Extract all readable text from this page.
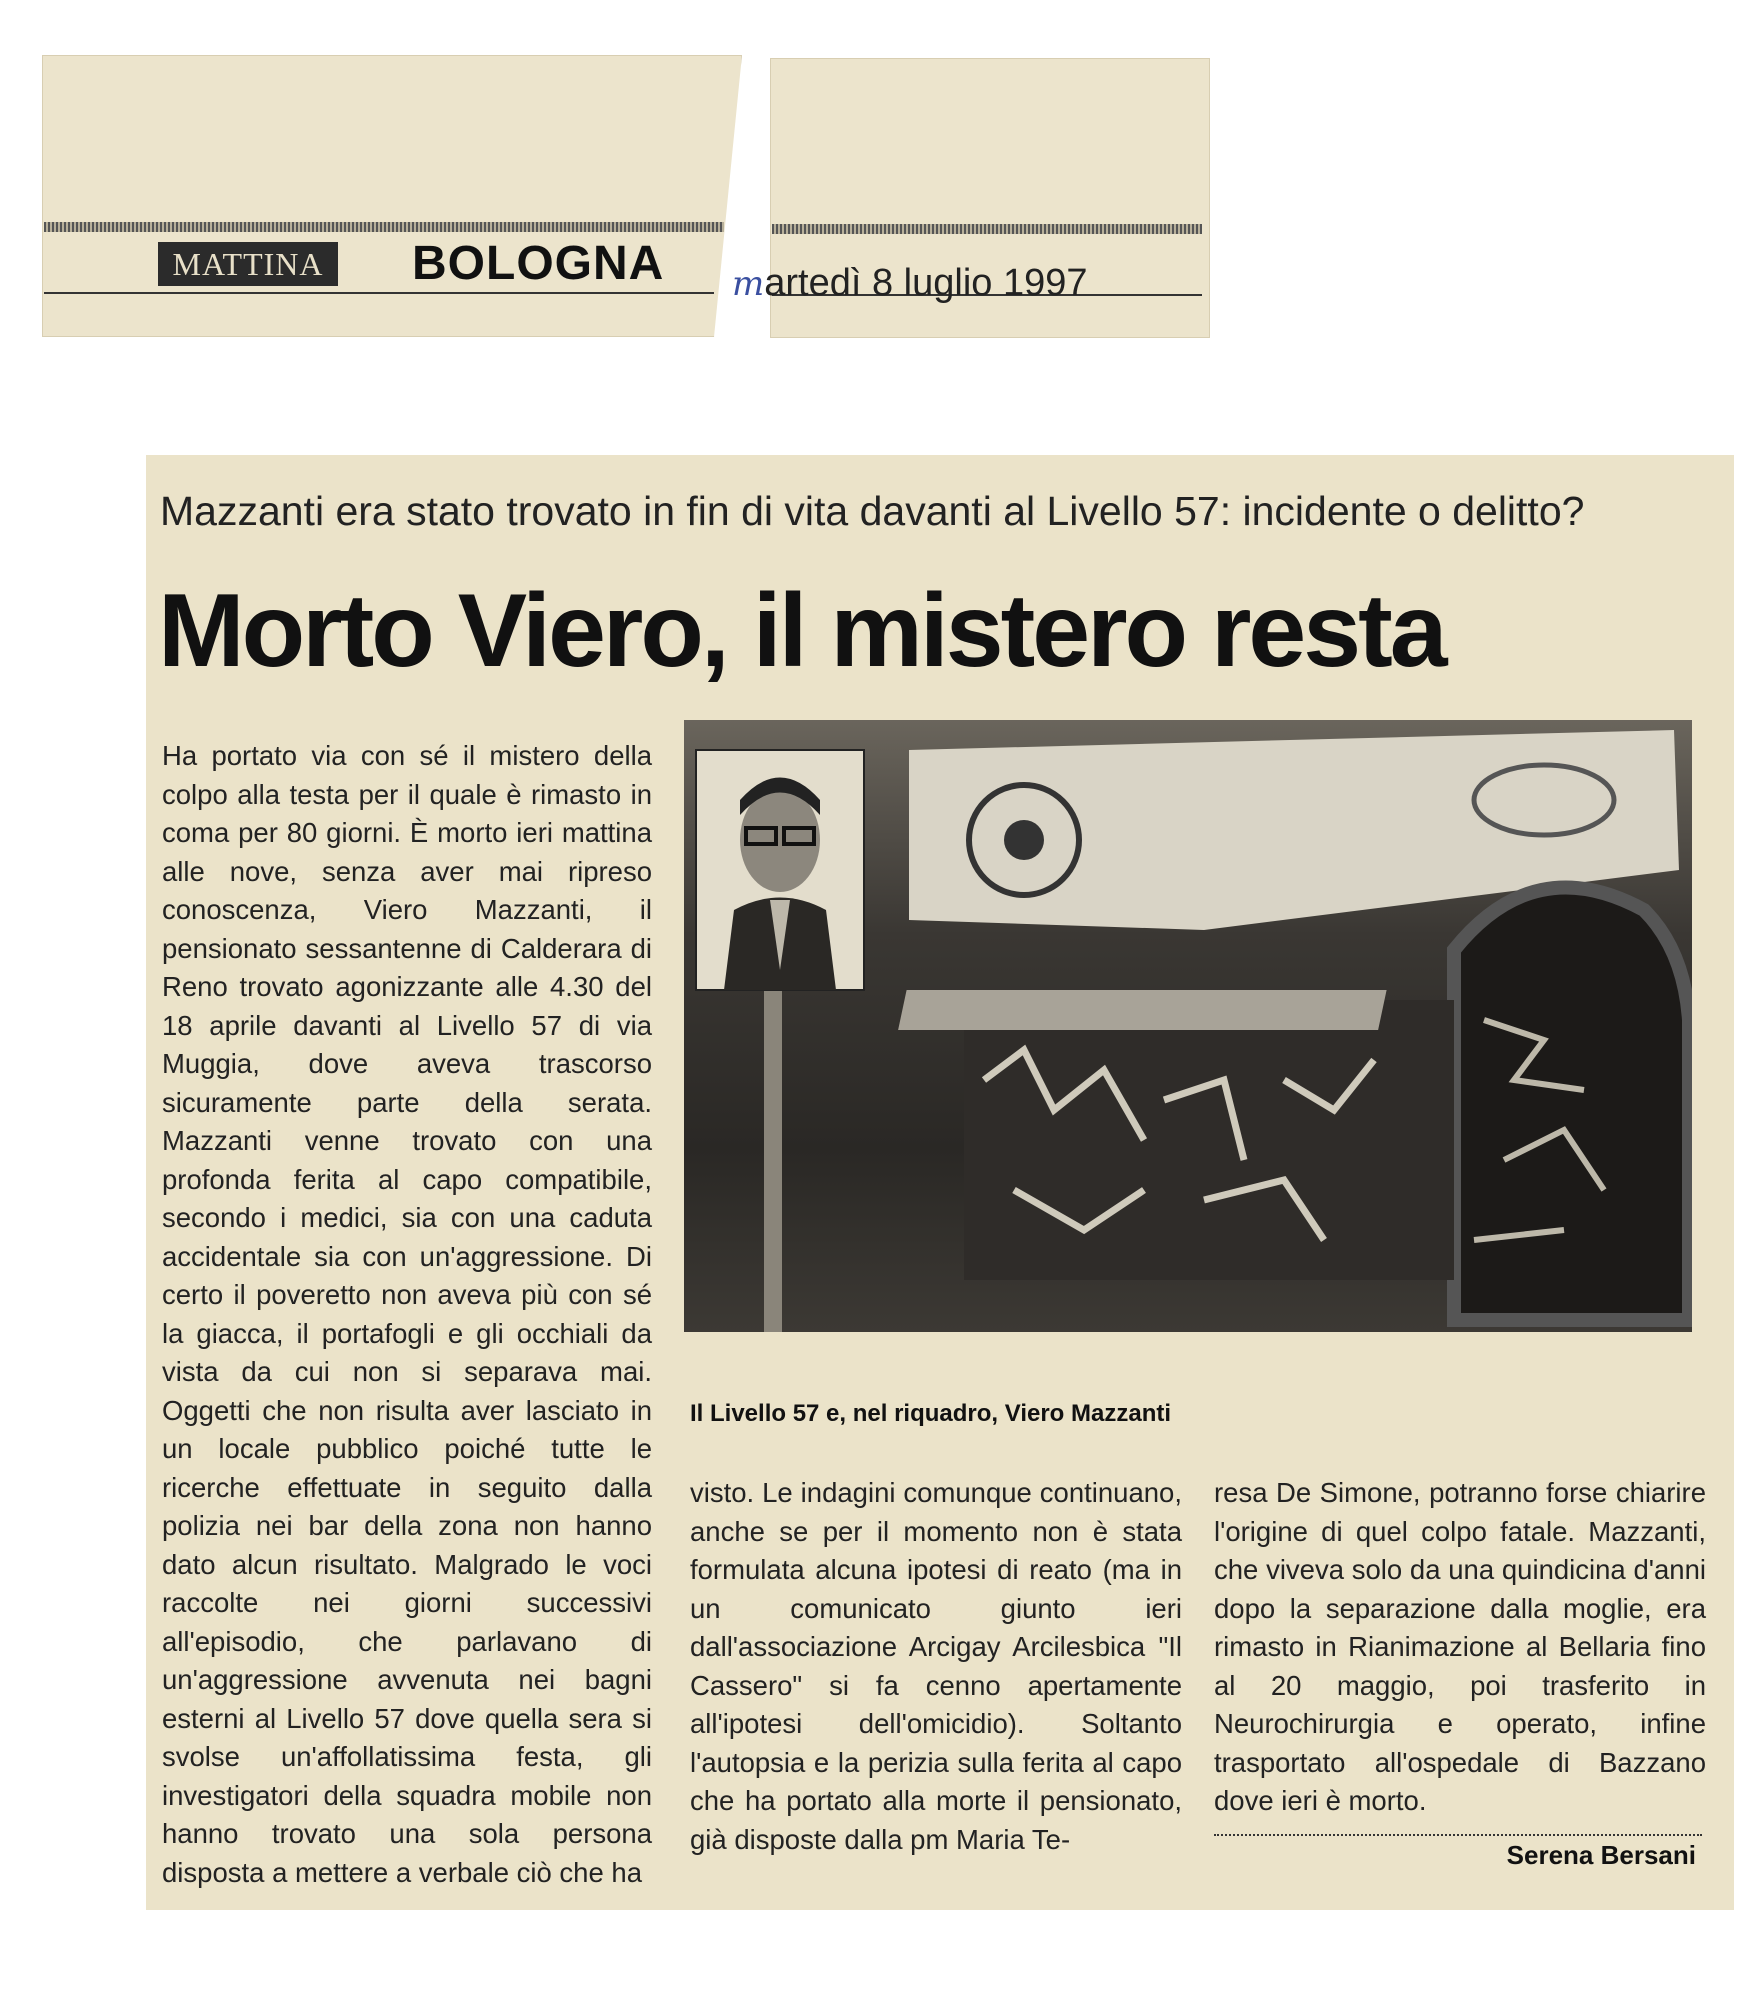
MATTINA	BOLOGNA martedì 8 luglio 1997
Mazzanti era stato trovato in fin di vita davanti al Livello 57: incidente o delitto?
Morto Viero, il mistero resta

Ha portato via con sé il mistero della colpo alla testa per il quale è rimasto in coma per 80 giorni. È morto ieri mattina alle nove, senza aver mai ripreso conoscenza, Viero Mazzanti, il pensionato sessantenne di Calderara di Reno trovato agonizzante alle 4.30 del 18 aprile davanti al Livello 57 di via Muggia, dove aveva trascorso sicuramente parte della serata. Mazzanti venne trovato con una profonda ferita al capo compatibile, secondo i medici, sia con una caduta accidentale sia con un'aggressione. Di certo il poveretto non aveva più con sé la giacca, il portafogli e gli occhiali da vista da cui non si separava mai. Oggetti che non risulta aver lasciato in un locale pubblico poiché tutte le ricerche effettuate in seguito dalla polizia nei bar della zona non hanno dato alcun risultato. Malgrado le voci raccolte nei giorni successivi all'episodio, che parlavano di un'aggressione avvenuta nei bagni esterni al Livello 57 dove quella sera si svolse un'affollatissima festa, gli investigatori della squadra mobile non hanno trovato una sola persona disposta a mettere a verbale ciò che ha

Il Livello 57 e, nel riquadro, Viero Mazzanti

visto. Le indagini comunque continuano, anche se per il momento non è stata formulata alcuna ipotesi di reato (ma in un comunicato giunto ieri dall'associazione Arcigay Arcilesbica "Il Cassero" si fa cenno apertamente all'ipotesi dell'omicidio). Soltanto l'autopsia e la perizia sulla ferita al capo che ha portato alla morte il pensionato, già disposte dalla pm Maria Te-

resa De Simone, potranno forse chiarire l'origine di quel colpo fatale. Mazzanti, che viveva solo da una quindicina d'anni dopo la separazione dalla moglie, era rimasto in Rianimazione al Bellaria fino al 20 maggio, poi trasferito in Neurochirurgia e operato, infine trasportato all'ospedale di Bazzano dove ieri è morto.

Serena Bersani
